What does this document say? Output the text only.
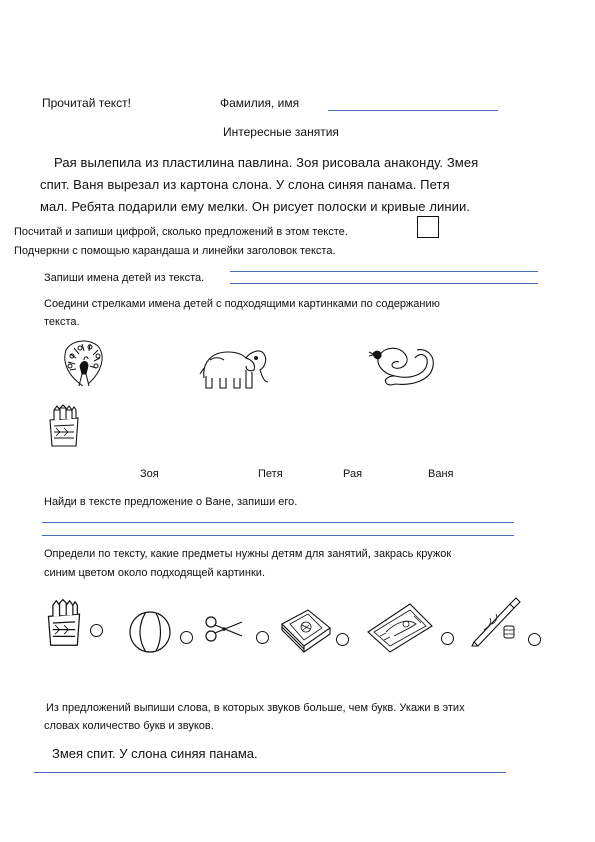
Прочитай текст!	Фамилия, имя
Интересные занятия
Рая вылепила из пластилина павлина. Зоя рисовала анаконду. Змея
спит. Ваня вырезал из картона слона. У слона синяя панама. Петя
мал. Ребята подарили ему мелки. Он рисует полоски и кривые линии.
Посчитай и запиши цифрой, сколько предложений в этом тексте.
Подчеркни с помощью карандаша и линейки заголовок текста.
Запиши имена детей из текста.
Соедини стрелками имена детей с подходящими картинками по содержанию
текста.
Зоя	Петя	Рая	Ваня
Найди в тексте предложение о Ване, запиши его.
Определи по тексту, какие предметы нужны детям для занятий, закрась кружок
синим цветом около подходящей картинки.
Из предложений выпиши слова, в которых звуков больше, чем букв. Укажи в этих
словах количество букв и звуков.
Змея спит. У слона синяя панама.
